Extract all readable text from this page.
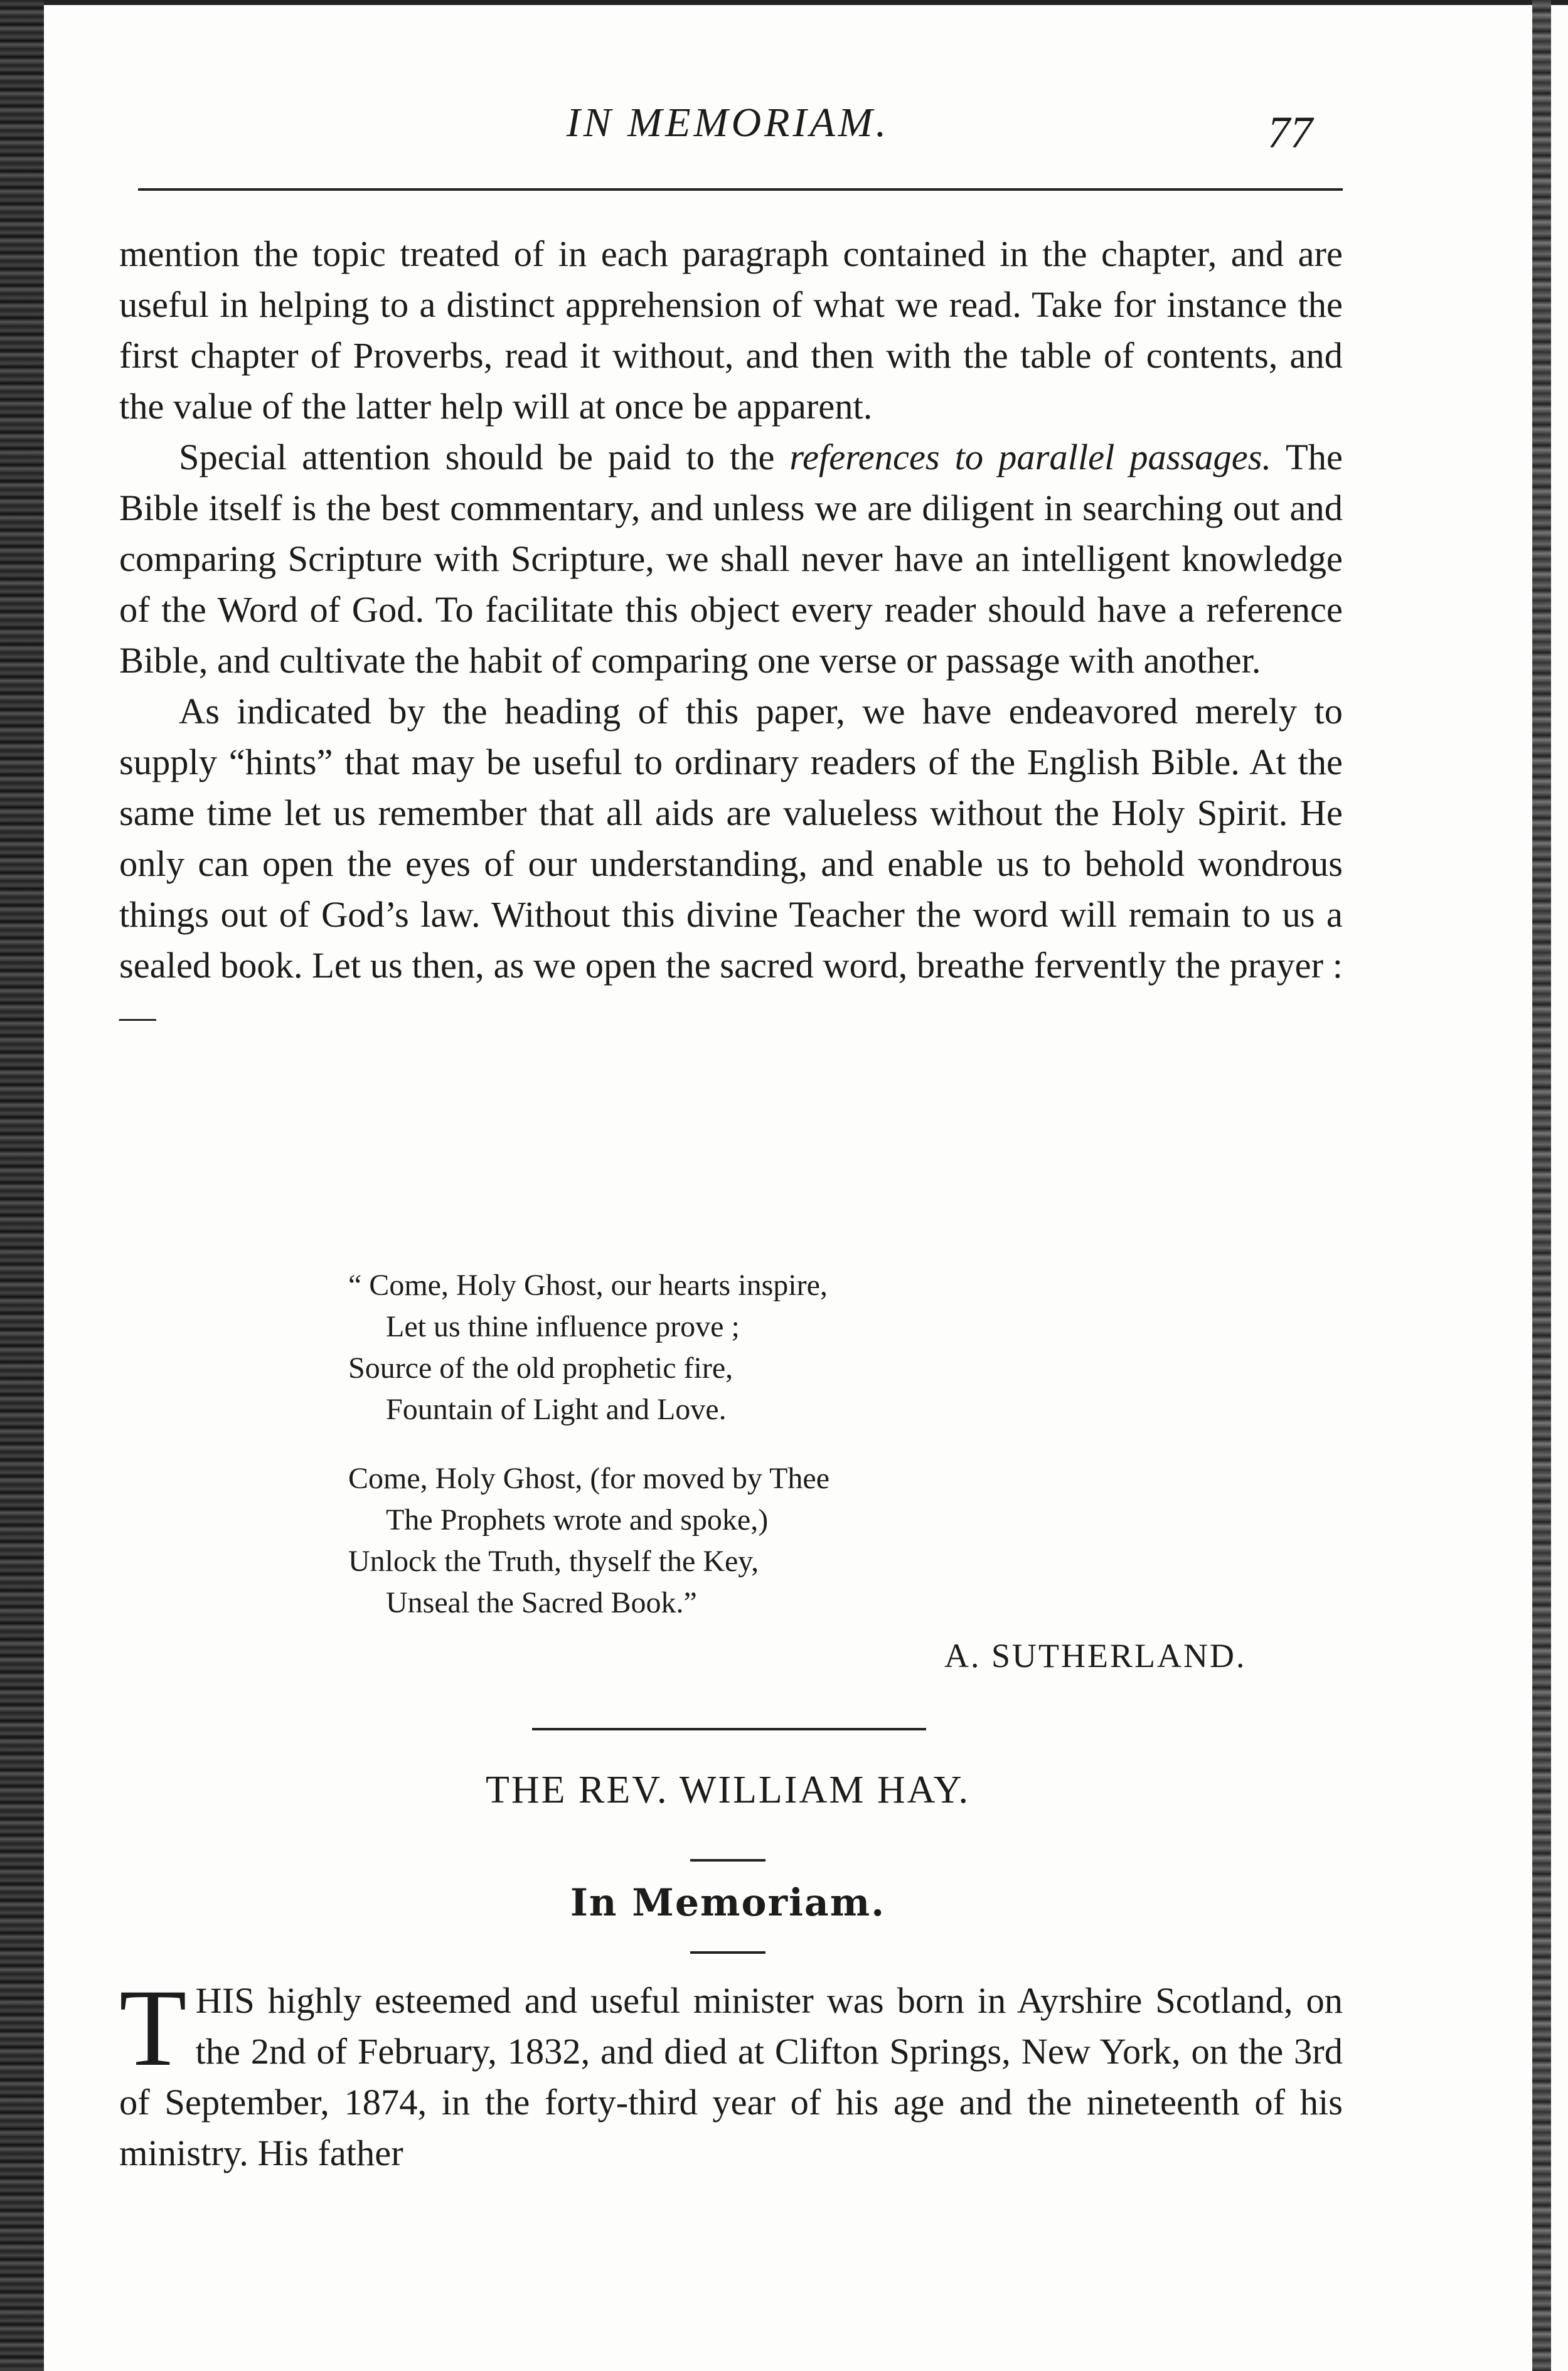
IN MEMORIAM.	77

mention the topic treated of in each paragraph contained in the chapter, and are useful in helping to a distinct apprehension of what we read. Take for instance the first chapter of Proverbs, read it without, and then with the table of contents, and the value of the latter help will at once be apparent.

Special attention should be paid to the references to parallel passages. The Bible itself is the best commentary, and unless we are diligent in searching out and comparing Scripture with Scripture, we shall never have an intelligent knowledge of the Word of God. To facilitate this object every reader should have a reference Bible, and cultivate the habit of comparing one verse or passage with another.

As indicated by the heading of this paper, we have endeavored merely to supply “hints” that may be useful to ordinary readers of the English Bible. At the same time let us remember that all aids are valueless without the Holy Spirit. He only can open the eyes of our understanding, and enable us to behold wondrous things out of God’s law. Without this divine Teacher the word will remain to us a sealed book. Let us then, as we open the sacred word, breathe fervently the prayer :—

“ Come, Holy Ghost, our hearts inspire,
Let us thine influence prove ;
Source of the old prophetic fire,
Fountain of Light and Love.
Come, Holy Ghost, (for moved by Thee
The Prophets wrote and spoke,)
Unlock the Truth, thyself the Key,
Unseal the Sacred Book.”
A. SUTHERLAND.
THE REV. WILLIAM HAY.
In Memoriam.
THIS highly esteemed and useful minister was born in Ayrshire Scotland, on the 2nd of February, 1832, and died at Clifton Springs, New York, on the 3rd of September, 1874, in the forty-third year of his age and the nineteenth of his ministry. His father
